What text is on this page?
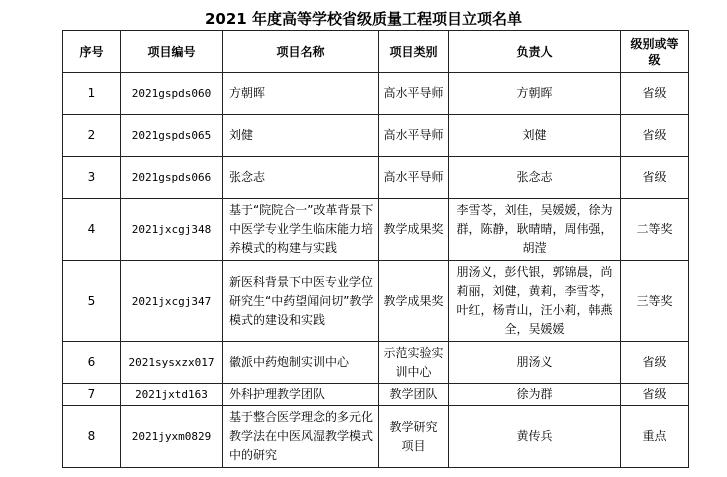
2021 年度高等学校省级质量工程项目立项名单
序号	项目编号	项目名称	项目类别	负责人	级别或等级
1	2021gspds060	方朝晖	高水平导师	方朝晖	省级
2	2021gspds065	刘健	高水平导师	刘健	省级
3	2021gspds066	张念志	高水平导师	张念志	省级
4	2021jxcgj348	基于“院院合一”改革背景下中医学专业学生临床能力培养模式的构建与实践	教学成果奖	李雪苓，刘佳，吴媛媛，徐为群，陈静，耿晴晴，周伟强，胡滢	二等奖
5	2021jxcgj347	新医科背景下中医专业学位研究生“中药望闻问切”教学模式的建设和实践	教学成果奖	朋汤义，彭代银，郭锦晨，尚莉丽，刘健，黄莉，李雪苓，叶红，杨青山，汪小莉，韩燕全，吴媛媛	三等奖
6	2021sysxzx017	徽派中药炮制实训中心	示范实验实训中心	朋汤义	省级
7	2021jxtd163	外科护理教学团队	教学团队	徐为群	省级
8	2021jyxm0829	基于整合医学理念的多元化教学法在中医风湿教学模式中的研究	教学研究项目	黄传兵	重点
